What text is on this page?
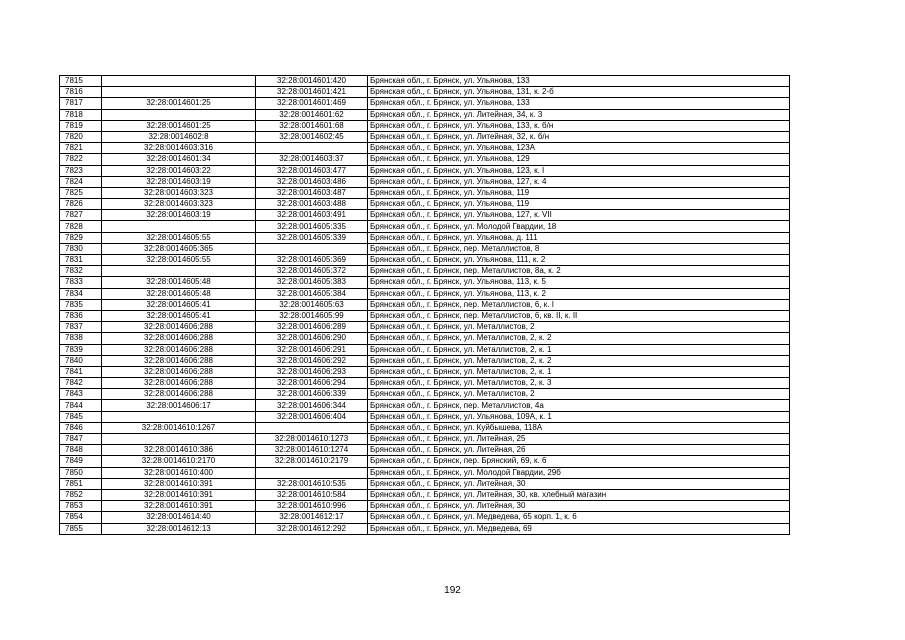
7815		32:28:0014601:420	Брянская обл., г. Брянск, ул. Ульянова, 133
7816		32:28:0014601:421	Брянская обл., г. Брянск, ул. Ульянова, 131, к. 2-б
7817	32:28:0014601:25	32:28:0014601:469	Брянская обл., г. Брянск, ул. Ульянова, 133
7818		32:28:0014601:62	Брянская обл., г. Брянск, ул. Литейная, 34, к. 3
7819	32:28:0014601:25	32:28:0014601:68	Брянская обл., г. Брянск, ул. Ульянова, 133, к. б/н
7820	32:28:0014602:8	32:28:0014602:45	Брянская обл., г. Брянск, ул. Литейная, 32, к. б/н
7821	32:28:0014603:316		Брянская обл., г. Брянск, ул. Ульянова, 123А
7822	32:28:0014601:34	32:28:0014603:37	Брянская обл., г. Брянск, ул. Ульянова, 129
7823	32:28:0014603:22	32:28:0014603:477	Брянская обл., г. Брянск, ул. Ульянова, 123, к. I
7824	32:28:0014603:19	32:28:0014603:486	Брянская обл., г. Брянск, ул. Ульянова, 127, к. 4
7825	32:28:0014603:323	32:28:0014603:487	Брянская обл., г. Брянск, ул. Ульянова, 119
7826	32:28:0014603:323	32:28:0014603:488	Брянская обл., г. Брянск, ул. Ульянова, 119
7827	32:28:0014603:19	32:28:0014603:491	Брянская обл., г. Брянск, ул. Ульянова, 127, к. VII
7828		32:28:0014605:335	Брянская обл., г. Брянск, ул. Молодой Гвардии, 18
7829	32:28:0014605:55	32:28:0014605:339	Брянская обл., г. Брянск, ул. Ульянова, д. 111
7830	32:28:0014605:365		Брянская обл., г. Брянск, пер. Металлистов, 8
7831	32:28:0014605:55	32:28:0014605:369	Брянская обл., г. Брянск, ул. Ульянова, 111, к. 2
7832		32:28:0014605:372	Брянская обл., г. Брянск, пер. Металлистов, 8а, к. 2
7833	32:28:0014605:48	32:28:0014605:383	Брянская обл., г. Брянск, ул. Ульянова, 113, к. 5
7834	32:28:0014605:48	32:28:0014605:384	Брянская обл., г. Брянск, ул. Ульянова, 113, к. 2
7835	32:28:0014605:41	32:28:0014605:63	Брянская обл., г. Брянск, пер. Металлистов, 6, к. I
7836	32:28:0014605:41	32:28:0014605:99	Брянская обл., г. Брянск, пер. Металлистов, 6, кв. II, к. II
7837	32:28:0014606:288	32:28:0014606:289	Брянская обл., г. Брянск, ул. Металлистов, 2
7838	32:28:0014606:288	32:28:0014606:290	Брянская обл., г. Брянск, ул. Металлистов, 2, к. 2
7839	32:28:0014606:288	32:28:0014606:291	Брянская обл., г. Брянск, ул. Металлистов, 2, к. 1
7840	32:28:0014606:288	32:28:0014606:292	Брянская обл., г. Брянск, ул. Металлистов, 2, к. 2
7841	32:28:0014606:288	32:28:0014606:293	Брянская обл., г. Брянск, ул. Металлистов, 2, к. 1
7842	32:28:0014606:288	32:28:0014606:294	Брянская обл., г. Брянск, ул. Металлистов, 2, к. 3
7843	32:28:0014606:288	32:28:0014606:339	Брянская обл., г. Брянск, ул. Металлистов, 2
7844	32:28:0014606:17	32:28:0014606:344	Брянская обл., г. Брянск, пер. Металлистов, 4а
7845		32:28:0014606:404	Брянская обл., г. Брянск, ул. Ульянова, 109А, к. 1
7846	32:28:0014610:1267		Брянская обл., г. Брянск, ул. Куйбышева, 118А
7847		32:28:0014610:1273	Брянская обл., г. Брянск, ул. Литейная, 25
7848	32:28:0014610:386	32:28:0014610:1274	Брянская обл., г. Брянск, ул. Литейная, 26
7849	32:28:0014610:2170	32:28:0014610:2179	Брянская обл., г. Брянск, пер. Брянский, 69, к. 6
7850	32:28:0014610:400		Брянская обл., г. Брянск, ул. Молодой Гвардии, 29б
7851	32:28:0014610:391	32:28:0014610:535	Брянская обл., г. Брянск, ул. Литейная, 30
7852	32:28:0014610:391	32:28:0014610:584	Брянская обл., г. Брянск, ул. Литейная, 30, кв. хлебный магазин
7853	32:28:0014610:391	32:28:0014610:996	Брянская обл., г. Брянск, ул. Литейная, 30
7854	32:28:0014614:40	32:28:0014612:17	Брянская обл., г. Брянск, ул. Медведева, 65 корп. 1, к. 6
7855	32:28:0014612:13	32:28:0014612:292	Брянская обл., г. Брянск, ул. Медведева, 69
192
